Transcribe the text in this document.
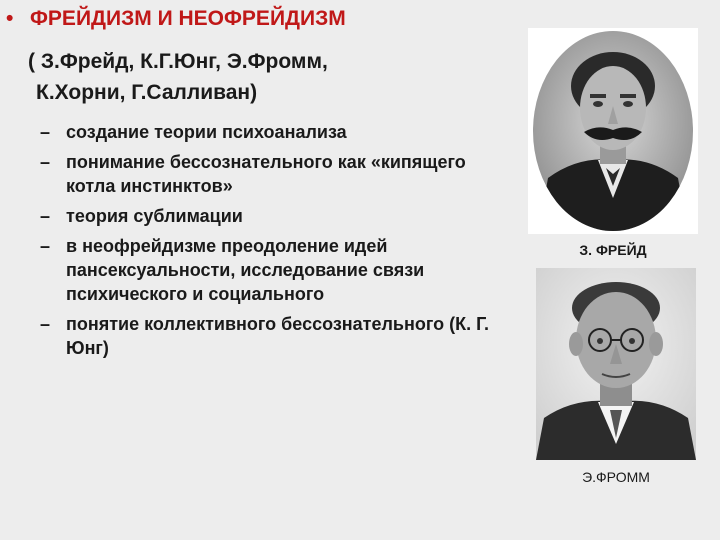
• ФРЕЙДИЗМ И НЕОФРЕЙДИЗМ
( З.Фрейд, К.Г.Юнг, Э.Фромм,
К.Хорни, Г.Салливан)
– создание теории психоанализа
– понимание бессознательного как «кипящего котла инстинктов»
– теория сублимации
– в неофрейдизме преодоление идей пансексуальности, исследование связи психического и социального
– понятие коллективного бессознательного (К. Г. Юнг)
З. ФРЕЙД
Э.ФРОММ
